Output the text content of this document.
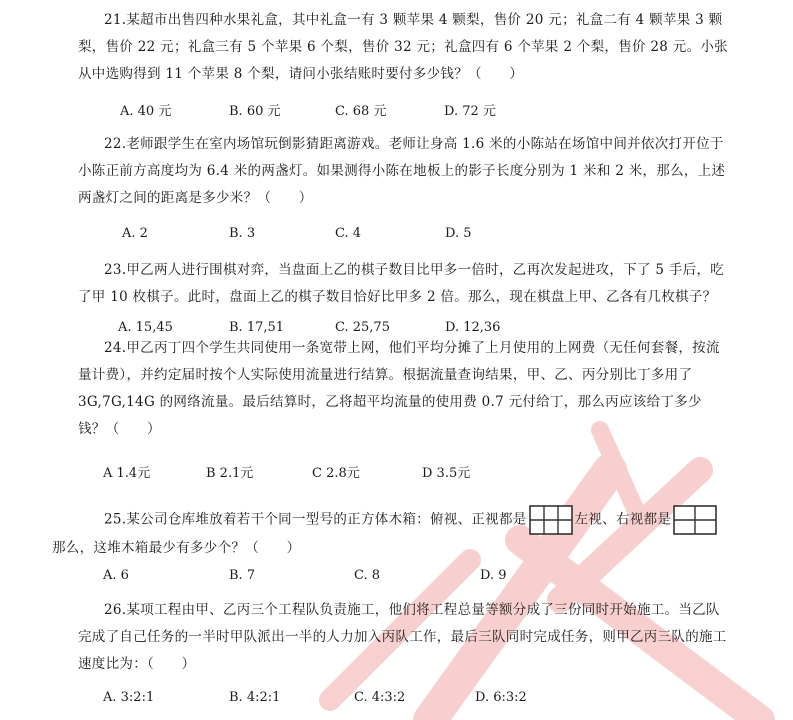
21.某超市出售四种水果礼盒，其中礼盒一有 3 颗苹果 4 颗梨，售价 20 元；礼盒二有 4 颗苹果 3 颗梨，售价 22 元；礼盒三有 5 个苹果 6 个梨，售价 32 元；礼盒四有 6 个苹果 2 个梨，售价 28 元。小张从中选购得到 11 个苹果 8 个梨，请问小张结账时要付多少钱？（　　）

A. 40 元	B. 60 元	C. 68 元	D. 72 元

22.老师跟学生在室内场馆玩倒影猜距离游戏。老师让身高 1.6 米的小陈站在场馆中间并依次打开位于小陈正前方高度均为 6.4 米的两盏灯。如果测得小陈在地板上的影子长度分别为 1 米和 2 米，那么，上述两盏灯之间的距离是多少米？（　　）

A. 2	B. 3	C. 4	D. 5

23.甲乙两人进行围棋对弈，当盘面上乙的棋子数目比甲多一倍时，乙再次发起进攻，下了 5 手后，吃了甲 10 枚棋子。此时，盘面上乙的棋子数目恰好比甲多 2 倍。那么，现在棋盘上甲、乙各有几枚棋子？

A. 15,45	B. 17,51	C. 25,75	D. 12,36

24.甲乙丙丁四个学生共同使用一条宽带上网，他们平均分摊了上月使用的上网费（无任何套餐，按流量计费），并约定届时按个人实际使用流量进行结算。根据流量查询结果，甲、乙、丙分别比丁多用了 3G,7G,14G 的网络流量。最后结算时，乙将超平均流量的使用费 0.7 元付给丁，那么丙应该给丁多少钱？（　　）

A 1.4元	B 2.1元	C 2.8元	D 3.5元

25.某公司仓库堆放着若干个同一型号的正方体木箱：俯视、正视都是	左视、右视都是
那么，这堆木箱最少有多少个？（　　）

A. 6	B. 7	C. 8	D. 9

26.某项工程由甲、乙丙三个工程队负责施工，他们将工程总量等额分成了三份同时开始施工。当乙队完成了自己任务的一半时甲队派出一半的人力加入丙队工作，最后三队同时完成任务，则甲乙丙三队的施工速度比为：（　　）

A. 3:2:1	B. 4:2:1	C. 4:3:2	D. 6:3:2
